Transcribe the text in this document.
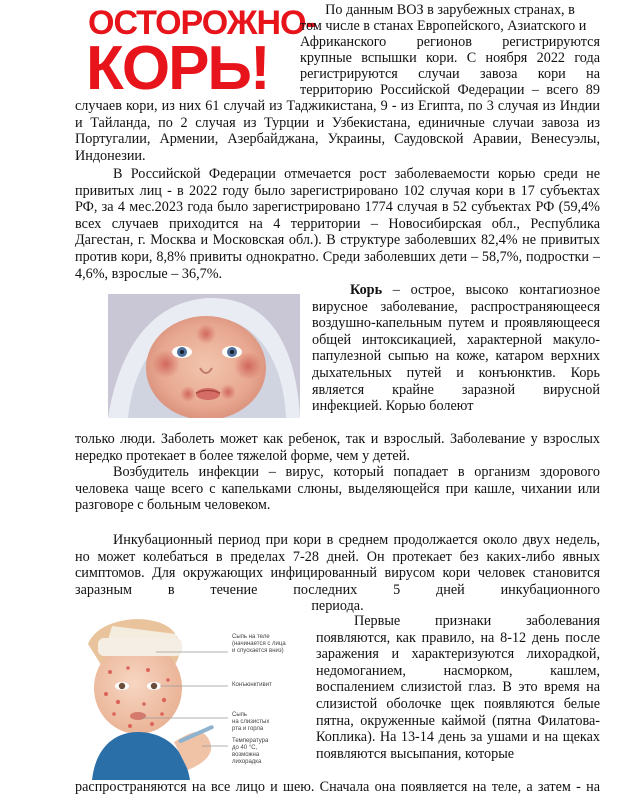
ОСТОРОЖНО-
КОРЬ!
По данным ВОЗ в зарубежных странах, в
том числе в станах Европейского, Азиатского и
Африканского регионов регистрируются
крупные вспышки кори. С ноября 2022 года
регистрируются случаи завоза кори на
территорию Российской Федерации – всего 89
случаев кори, из них 61 случай из Таджикистана, 9 - из Египта, по 3 случая из Индии и Тайланда, по 2 случая из Турции и Узбекистана, единичные случаи завоза из Португалии, Армении, Азербайджана, Украины, Саудовской Аравии, Венесуэлы, Индонезии.
В Российской Федерации отмечается рост заболеваемости корью среди не привитых лиц - в 2022 году было зарегистрировано 102 случая кори в 17 субъектах РФ, за 4 мес.2023 года было зарегистрировано 1774 случая в 52 субъектах РФ (59,4% всех случаев приходится на 4 территории – Новосибирская обл., Республика Дагестан, г. Москва и Московская обл.). В структуре заболевших 82,4% не привитых против кори, 8,8% привиты однократно. Среди заболевших дети – 58,7%, подростки – 4,6%, взрослые – 36,7%.
Корь – острое, высоко контагиозное вирусное заболевание, распространяющееся воздушно-капельным путем и проявляющееся общей интоксикацией, характерной макуло-папулезной сыпью на коже, катаром верхних дыхательных путей и конъюнктив. Корь является крайне заразной вирусной инфекцией. Корью болеют
только люди. Заболеть может как ребенок, так и взрослый. Заболевание у взрослых нередко протекает в более тяжелой форме, чем у детей.
Возбудитель инфекции – вирус, который попадает в организм здорового человека чаще всего с капельками слюны, выделяющейся при кашле, чихании или разговоре с больным человеком.
Инкубационный период при кори в среднем продолжается около двух недель, но может колебаться в пределах 7-28 дней. Он протекает без каких-либо явных симптомов. Для окружающих инфицированный вирусом кори человек становится заразным в течение последних 5 дней инкубационного
периода.
Сыпь на теле
(начинается с лица
и спускается вниз)
Конъюнктивит
Сыпь
на слизистых
рта и горла
Температура
до 40 °С,
возможна
лихорадка
Первые признаки заболевания появляются, как правило, на 8-12 день после заражения и характеризуются лихорадкой, недомоганием, насморком, кашлем, воспалением слизистой глаз. В это время на слизистой оболочке щек появляются белые пятна, окруженные каймой (пятна Филатова-Коплика). На 13-14 день за ушами и на щеках появляются высыпания, которые
распространяются на все лицо и шею. Сначала она появляется на теле, а затем - на
